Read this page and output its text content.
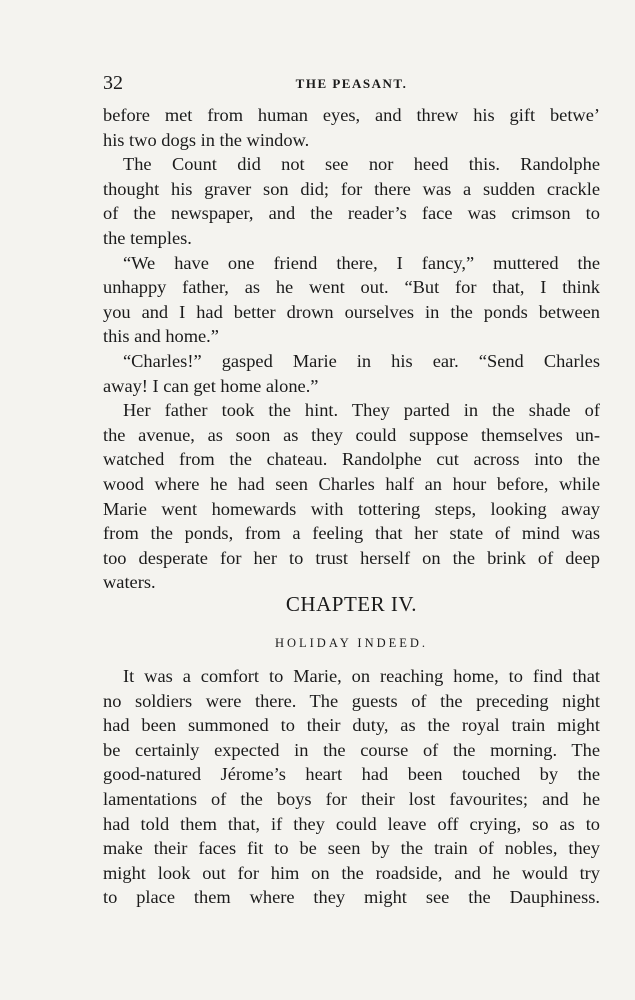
32	THE PEASANT.
before met from human eyes, and threw his gift betwe’
his two dogs in the window.
The Count did not see nor heed this. Randolphe
thought his graver son did; for there was a sudden crackle
of the newspaper, and the reader’s face was crimson to
the temples.
“We have one friend there, I fancy,” muttered the
unhappy father, as he went out. “But for that, I think
you and I had better drown ourselves in the ponds between
this and home.”
“Charles!” gasped Marie in his ear. “Send Charles
away! I can get home alone.”
Her father took the hint. They parted in the shade of
the avenue, as soon as they could suppose themselves un-
watched from the chateau. Randolphe cut across into the
wood where he had seen Charles half an hour before, while
Marie went homewards with tottering steps, looking away
from the ponds, from a feeling that her state of mind was
too desperate for her to trust herself on the brink of deep
waters.
CHAPTER IV.
HOLIDAY INDEED.
It was a comfort to Marie, on reaching home, to find that
no soldiers were there. The guests of the preceding night
had been summoned to their duty, as the royal train might
be certainly expected in the course of the morning. The
good-natured Jérome’s heart had been touched by the
lamentations of the boys for their lost favourites; and he
had told them that, if they could leave off crying, so as to
make their faces fit to be seen by the train of nobles, they
might look out for him on the roadside, and he would try
to place them where they might see the Dauphiness.
